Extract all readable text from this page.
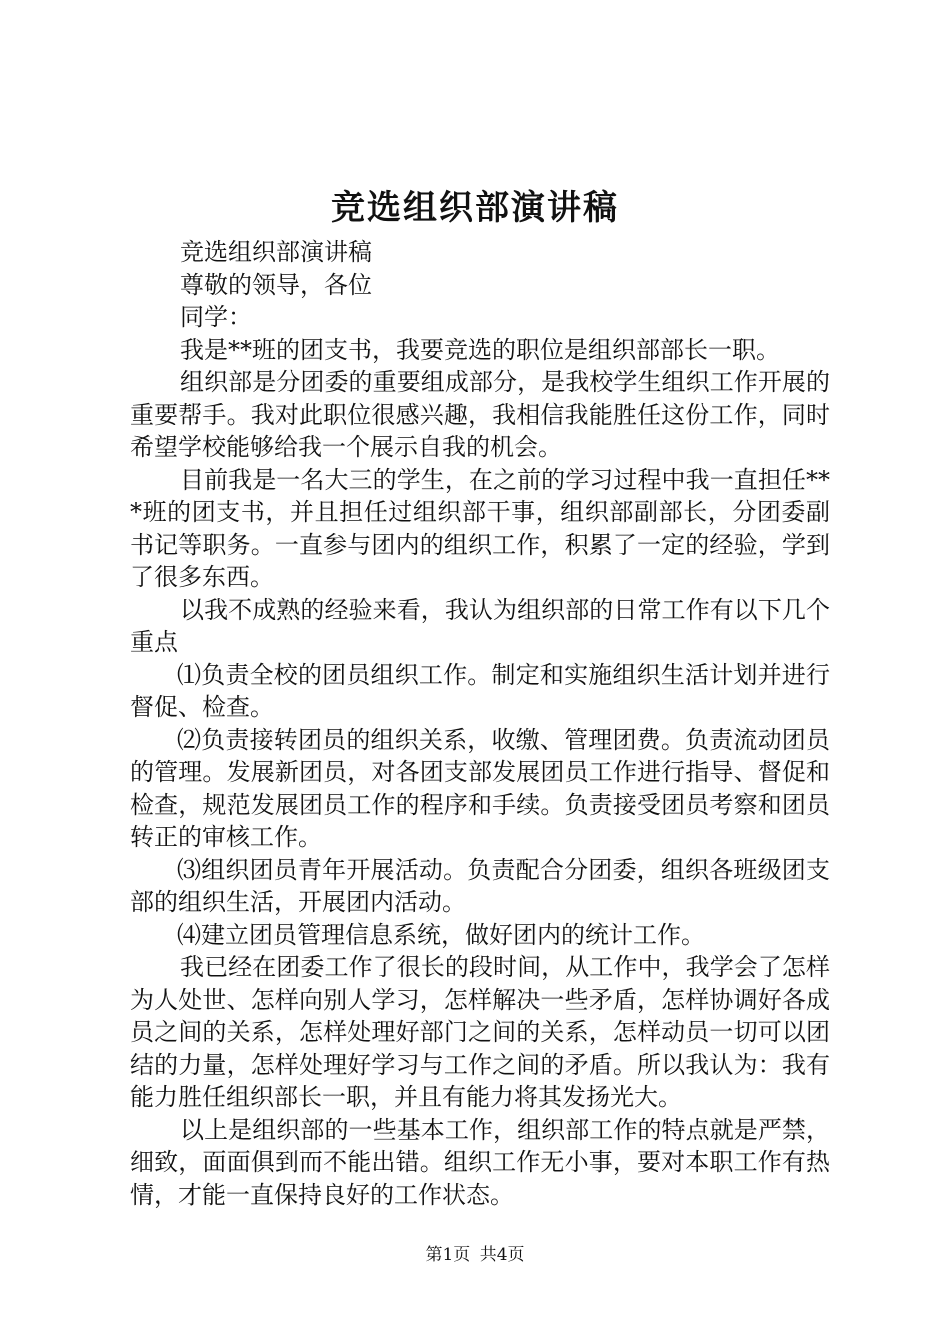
竞选组织部演讲稿

竞选组织部演讲稿

尊敬的领导，各位

同学：

我是**班的团支书，我要竞选的职位是组织部部长一职。

组织部是分团委的重要组成部分，是我校学生组织工作开展的重要帮手。我对此职位很感兴趣，我相信我能胜任这份工作，同时希望学校能够给我一个展示自我的机会。

目前我是一名大三的学生，在之前的学习过程中我一直担任***班的团支书，并且担任过组织部干事，组织部副部长，分团委副书记等职务。一直参与团内的组织工作，积累了一定的经验，学到了很多东西。

以我不成熟的经验来看，我认为组织部的日常工作有以下几个重点

⑴负责全校的团员组织工作。制定和实施组织生活计划并进行督促、检查。

⑵负责接转团员的组织关系，收缴、管理团费。负责流动团员的管理。发展新团员，对各团支部发展团员工作进行指导、督促和检查，规范发展团员工作的程序和手续。负责接受团员考察和团员转正的审核工作。

⑶组织团员青年开展活动。负责配合分团委，组织各班级团支部的组织生活，开展团内活动。

⑷建立团员管理信息系统，做好团内的统计工作。

我已经在团委工作了很长的段时间，从工作中，我学会了怎样为人处世、怎样向别人学习，怎样解决一些矛盾，怎样协调好各成员之间的关系，怎样处理好部门之间的关系，怎样动员一切可以团结的力量，怎样处理好学习与工作之间的矛盾。所以我认为：我有能力胜任组织部长一职，并且有能力将其发扬光大。

以上是组织部的一些基本工作，组织部工作的特点就是严禁，细致，面面俱到而不能出错。组织工作无小事，要对本职工作有热情，才能一直保持良好的工作状态。

第1页 共4页
